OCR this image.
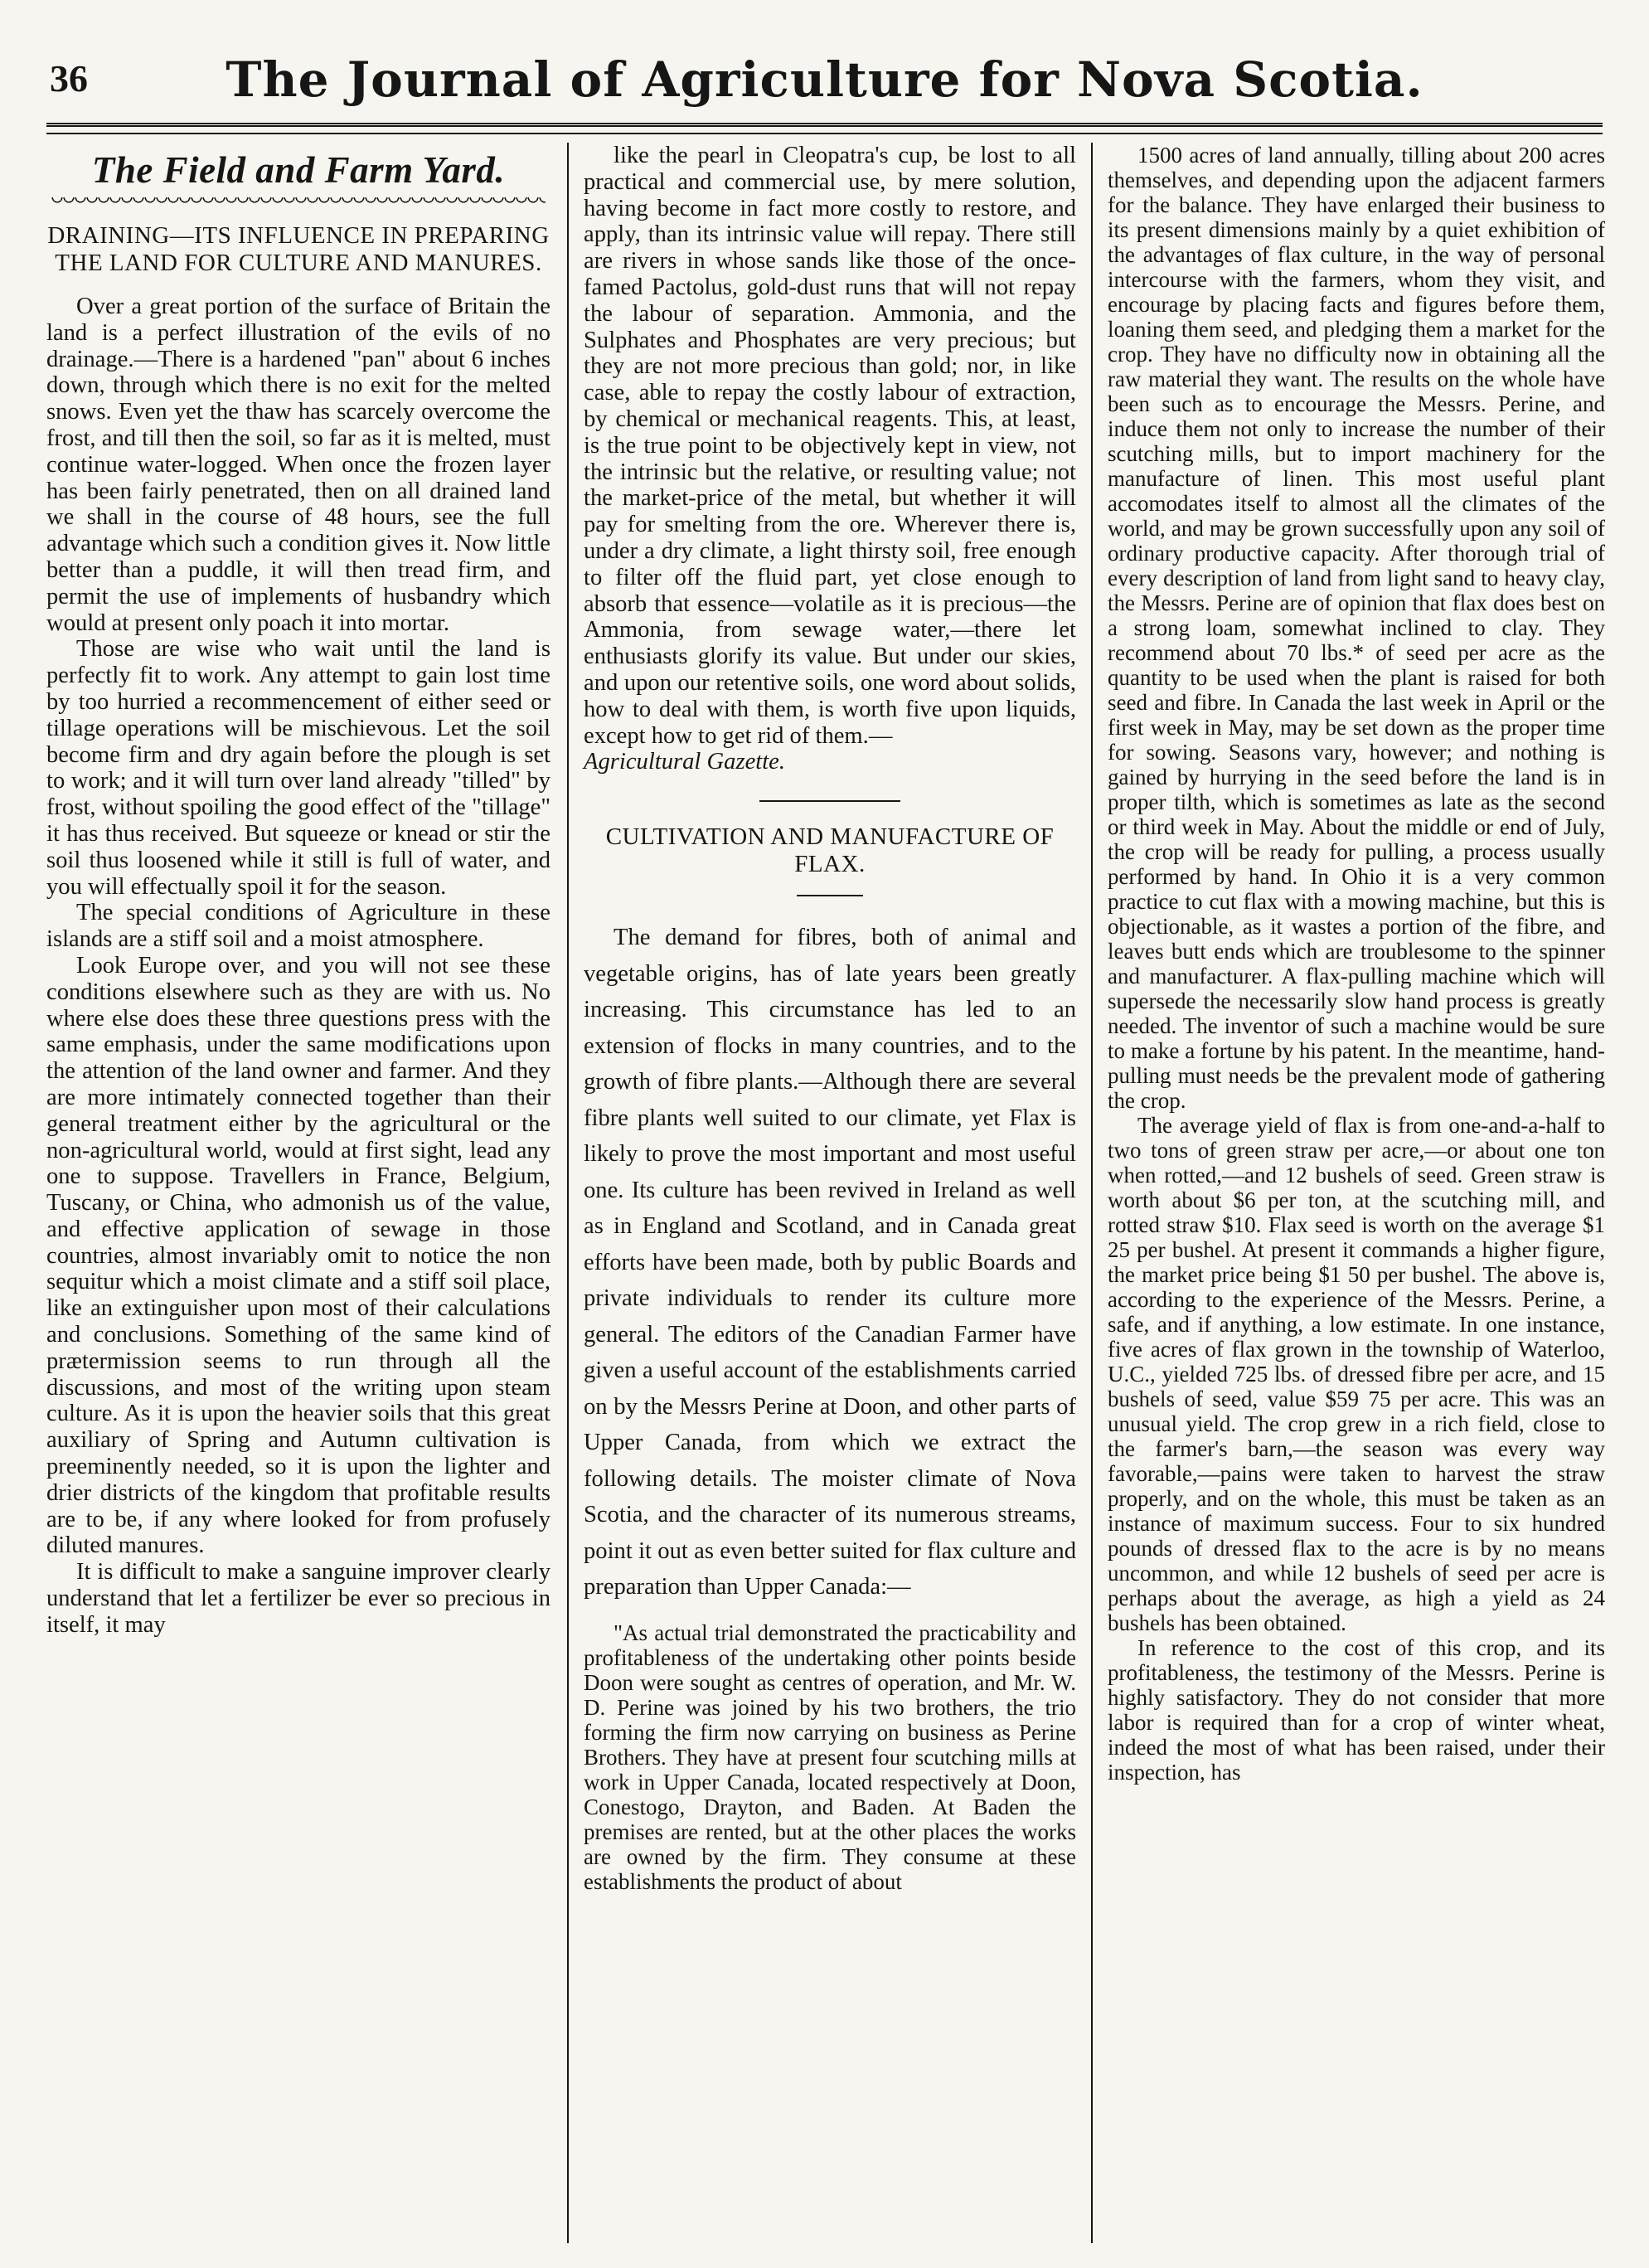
36	The Journal of Agriculture for Nova Scotia.
The Field and Farm Yard.
DRAINING—ITS INFLUENCE IN PREPARING THE LAND FOR CULTURE AND MANURES.

Over a great portion of the surface of Britain the land is a perfect illustration of the evils of no drainage.—There is a hardened "pan" about 6 inches down, through which there is no exit for the melted snows. Even yet the thaw has scarcely overcome the frost, and till then the soil, so far as it is melted, must continue water-logged. When once the frozen layer has been fairly penetrated, then on all drained land we shall in the course of 48 hours, see the full advantage which such a condition gives it. Now little better than a puddle, it will then tread firm, and permit the use of implements of husbandry which would at present only poach it into mortar.

Those are wise who wait until the land is perfectly fit to work. Any attempt to gain lost time by too hurried a recommencement of either seed or tillage operations will be mischievous. Let the soil become firm and dry again before the plough is set to work; and it will turn over land already "tilled" by frost, without spoiling the good effect of the "tillage" it has thus received. But squeeze or knead or stir the soil thus loosened while it still is full of water, and you will effectually spoil it for the season.

The special conditions of Agriculture in these islands are a stiff soil and a moist atmosphere.

Look Europe over, and you will not see these conditions elsewhere such as they are with us. No where else does these three questions press with the same emphasis, under the same modifications upon the attention of the land owner and farmer. And they are more intimately connected together than their general treatment either by the agricultural or the non-agricultural world, would at first sight, lead any one to suppose. Travellers in France, Belgium, Tuscany, or China, who admonish us of the value, and effective application of sewage in those countries, almost invariably omit to notice the non sequitur which a moist climate and a stiff soil place, like an extinguisher upon most of their calculations and conclusions. Something of the same kind of prætermission seems to run through all the discussions, and most of the writing upon steam culture. As it is upon the heavier soils that this great auxiliary of Spring and Autumn cultivation is preeminently needed, so it is upon the lighter and drier districts of the kingdom that profitable results are to be, if any where looked for from profusely diluted manures.

It is difficult to make a sanguine improver clearly understand that let a fertilizer be ever so precious in itself, it may

like the pearl in Cleopatra's cup, be lost to all practical and commercial use, by mere solution, having become in fact more costly to restore, and apply, than its intrinsic value will repay. There still are rivers in whose sands like those of the once-famed Pactolus, gold-dust runs that will not repay the labour of separation. Ammonia, and the Sulphates and Phosphates are very precious; but they are not more precious than gold; nor, in like case, able to repay the costly labour of extraction, by chemical or mechanical reagents. This, at least, is the true point to be objectively kept in view, not the intrinsic but the relative, or resulting value; not the market-price of the metal, but whether it will pay for smelting from the ore. Wherever there is, under a dry climate, a light thirsty soil, free enough to filter off the fluid part, yet close enough to absorb that essence—volatile as it is precious—the Ammonia, from sewage water,—there let enthusiasts glorify its value. But under our skies, and upon our retentive soils, one word about solids, how to deal with them, is worth five upon liquids, except how to get rid of them.—

Agricultural Gazette.

CULTIVATION AND MANUFACTURE OF FLAX.

The demand for fibres, both of animal and vegetable origins, has of late years been greatly increasing. This circumstance has led to an extension of flocks in many countries, and to the growth of fibre plants.—Although there are several fibre plants well suited to our climate, yet Flax is likely to prove the most important and most useful one. Its culture has been revived in Ireland as well as in England and Scotland, and in Canada great efforts have been made, both by public Boards and private individuals to render its culture more general. The editors of the Canadian Farmer have given a useful account of the establishments carried on by the Messrs Perine at Doon, and other parts of Upper Canada, from which we extract the following details. The moister climate of Nova Scotia, and the character of its numerous streams, point it out as even better suited for flax culture and preparation than Upper Canada:—

"As actual trial demonstrated the practicability and profitableness of the undertaking other points beside Doon were sought as centres of operation, and Mr. W. D. Perine was joined by his two brothers, the trio forming the firm now carrying on business as Perine Brothers. They have at present four scutching mills at work in Upper Canada, located respectively at Doon, Conestogo, Drayton, and Baden. At Baden the premises are rented, but at the other places the works are owned by the firm. They consume at these establishments the product of about

1500 acres of land annually, tilling about 200 acres themselves, and depending upon the adjacent farmers for the balance. They have enlarged their business to its present dimensions mainly by a quiet exhibition of the advantages of flax culture, in the way of personal intercourse with the farmers, whom they visit, and encourage by placing facts and figures before them, loaning them seed, and pledging them a market for the crop. They have no difficulty now in obtaining all the raw material they want. The results on the whole have been such as to encourage the Messrs. Perine, and induce them not only to increase the number of their scutching mills, but to import machinery for the manufacture of linen. This most useful plant accomodates itself to almost all the climates of the world, and may be grown successfully upon any soil of ordinary productive capacity. After thorough trial of every description of land from light sand to heavy clay, the Messrs. Perine are of opinion that flax does best on a strong loam, somewhat inclined to clay. They recommend about 70 lbs.* of seed per acre as the quantity to be used when the plant is raised for both seed and fibre. In Canada the last week in April or the first week in May, may be set down as the proper time for sowing. Seasons vary, however; and nothing is gained by hurrying in the seed before the land is in proper tilth, which is sometimes as late as the second or third week in May. About the middle or end of July, the crop will be ready for pulling, a process usually performed by hand. In Ohio it is a very common practice to cut flax with a mowing machine, but this is objectionable, as it wastes a portion of the fibre, and leaves butt ends which are troublesome to the spinner and manufacturer. A flax-pulling machine which will supersede the necessarily slow hand process is greatly needed. The inventor of such a machine would be sure to make a fortune by his patent. In the meantime, hand-pulling must needs be the prevalent mode of gathering the crop.

The average yield of flax is from one-and-a-half to two tons of green straw per acre,—or about one ton when rotted,—and 12 bushels of seed. Green straw is worth about $6 per ton, at the scutching mill, and rotted straw $10. Flax seed is worth on the average $1 25 per bushel. At present it commands a higher figure, the market price being $1 50 per bushel. The above is, according to the experience of the Messrs. Perine, a safe, and if anything, a low estimate. In one instance, five acres of flax grown in the township of Waterloo, U.C., yielded 725 lbs. of dressed fibre per acre, and 15 bushels of seed, value $59 75 per acre. This was an unusual yield. The crop grew in a rich field, close to the farmer's barn,—the season was every way favorable,—pains were taken to harvest the straw properly, and on the whole, this must be taken as an instance of maximum success. Four to six hundred pounds of dressed flax to the acre is by no means uncommon, and while 12 bushels of seed per acre is perhaps about the average, as high a yield as 24 bushels has been obtained.

In reference to the cost of this crop, and its profitableness, the testimony of the Messrs. Perine is highly satisfactory. They do not consider that more labor is required than for a crop of winter wheat, indeed the most of what has been raised, under their inspection, has
